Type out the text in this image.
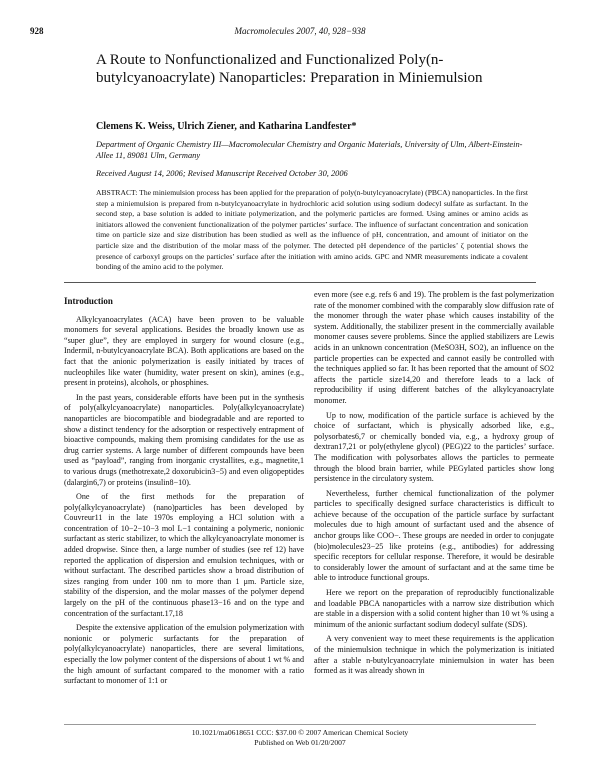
928	Macromolecules 2007, 40, 928−938
A Route to Nonfunctionalized and Functionalized Poly(n-butylcyanoacrylate) Nanoparticles: Preparation in Miniemulsion
Clemens K. Weiss, Ulrich Ziener, and Katharina Landfester*
Department of Organic Chemistry III—Macromolecular Chemistry and Organic Materials, University of Ulm, Albert-Einstein-Allee 11, 89081 Ulm, Germany
Received August 14, 2006; Revised Manuscript Received October 30, 2006

ABSTRACT: The miniemulsion process has been applied for the preparation of poly(n-butylcyanoacrylate) (PBCA) nanoparticles. In the first step a miniemulsion is prepared from n-butylcyanoacrylate in hydrochloric acid solution using sodium dodecyl sulfate as surfactant. In the second step, a base solution is added to initiate polymerization, and the polymeric particles are formed. Using amines or amino acids as initiators allowed the convenient functionalization of the polymer particles’ surface. The influence of surfactant concentration and sonication time on particle size and size distribution has been studied as well as the influence of pH, concentration, and amount of initiator on the particle size and the distribution of the molar mass of the polymer. The detected pH dependence of the particles’ ζ potential shows the presence of carboxyl groups on the particles’ surface after the initiation with amino acids. GPC and NMR measurements indicate a covalent bonding of the amino acid to the polymer.

Introduction

Alkylcyanoacrylates (ACA) have been proven to be valuable monomers for several applications. Besides the broadly known use as “super glue”, they are employed in surgery for wound closure (e.g., Indermil, n-butylcyanoacrylate BCA). Both applications are based on the fact that the anionic polymerization is easily initiated by traces of nucleophiles like water (humidity, water present on skin), amines (e.g., present in proteins), alcohols, or phosphines.

In the past years, considerable efforts have been put in the synthesis of poly(alkylcyanoacrylate) nanoparticles. Poly(alkylcyanoacrylate) nanoparticles are biocompatible and biodegradable and are reported to show a distinct tendency for the adsorption or respectively entrapment of bioactive compounds, making them promising candidates for the use as drug carrier systems. A large number of different compounds have been used as “payload”, ranging from inorganic crystallites, e.g., magnetite,1 to various drugs (methotrexate,2 doxorubicin3−5) and even oligopeptides (dalargin6,7) or proteins (insulin8−10).

One of the first methods for the preparation of poly(alkylcyanoacrylate) (nano)particles has been developed by Couvreur11 in the late 1970s employing a HCl solution with a concentration of 10−2−10−3 mol L−1 containing a polymeric, nonionic surfactant as steric stabilizer, to which the alkylcyanoacrylate monomer is added dropwise. Since then, a large number of studies (see ref 12) have reported the application of dispersion and emulsion techniques, with or without surfactant. The described particles show a broad distribution of sizes ranging from under 100 nm to more than 1 μm. Particle size, stability of the dispersion, and the molar masses of the polymer depend largely on the pH of the continuous phase13−16 and on the type and concentration of the surfactant.17,18

Despite the extensive application of the emulsion polymerization with nonionic or polymeric surfactants for the preparation of poly(alkylcyanoacrylate) nanoparticles, there are several limitations, especially the low polymer content of the dispersions of about 1 wt % and the high amount of surfactant compared to the monomer with a ratio surfactant to monomer of 1:1 or

even more (see e.g. refs 6 and 19). The problem is the fast polymerization rate of the monomer combined with the comparably slow diffusion rate of the monomer through the water phase which causes instability of the system. Additionally, the stabilizer present in the commercially available monomer causes severe problems. Since the applied stabilizers are Lewis acids in an unknown concentration (MeSO3H, SO2), an influence on the particle properties can be expected and cannot easily be controlled with the techniques applied so far. It has been reported that the amount of SO2 affects the particle size14,20 and therefore leads to a lack of reproducibility if using different batches of the alkylcyanoacrylate monomer.

Up to now, modification of the particle surface is achieved by the choice of surfactant, which is physically adsorbed like, e.g., polysorbates6,7 or chemically bonded via, e.g., a hydroxy group of dextran17,21 or poly(ethylene glycol) (PEG)22 to the particles’ surface. The modification with polysorbates allows the particles to permeate through the blood brain barrier, while PEGylated particles show long persistence in the circulatory system.

Nevertheless, further chemical functionalization of the polymer particles to specifically designed surface characteristics is difficult to achieve because of the occupation of the particle surface by surfactant molecules due to high amount of surfactant used and the absence of anchor groups like COO−. These groups are needed in order to conjugate (bio)molecules23−25 like proteins (e.g., antibodies) for addressing specific receptors for cellular response. Therefore, it would be desirable to considerably lower the amount of surfactant and at the same time be able to introduce functional groups.

Here we report on the preparation of reproducibly functionalizable and loadable PBCA nanoparticles with a narrow size distribution which are stable in a dispersion with a solid content higher than 10 wt % using a minimum of the anionic surfactant sodium dodecyl sulfate (SDS).

A very convenient way to meet these requirements is the application of the miniemulsion technique in which the polymerization is initiated after a stable n-butylcyanoacrylate miniemulsion in water has been formed as it was already shown in

10.1021/ma0618651 CCC: $37.00 © 2007 American Chemical Society
Published on Web 01/20/2007
